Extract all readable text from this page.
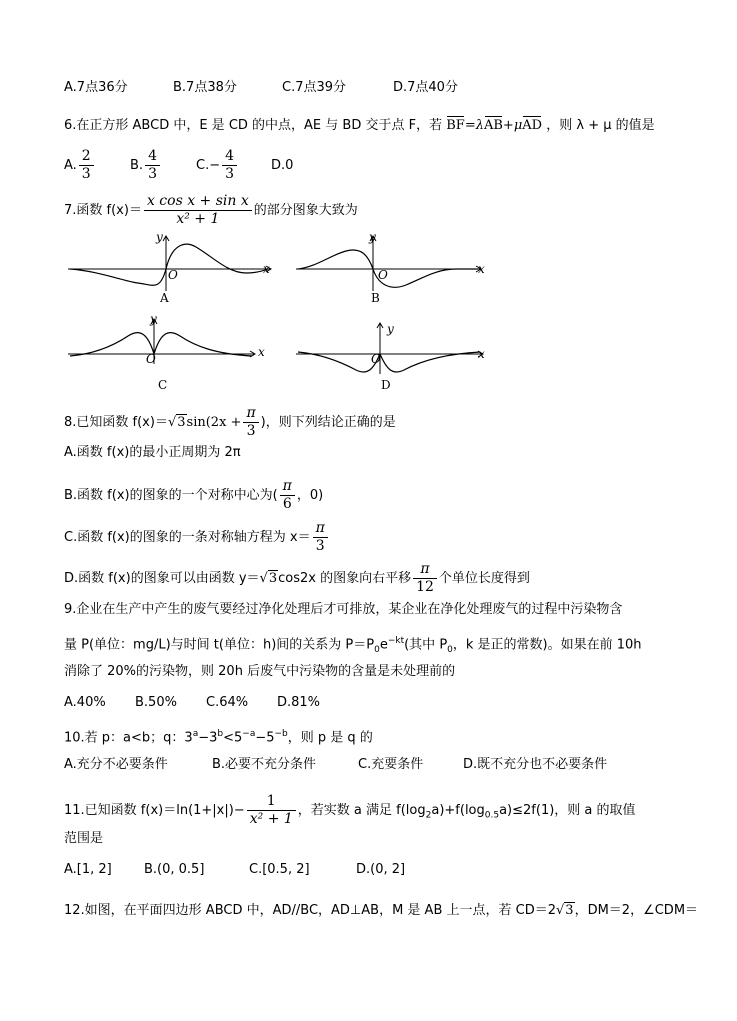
A.7点36分	B.7点38分	C.7点39分	D.7点40分
6.在正方形 ABCD 中，E 是 CD 的中点，AE 与 BD 交于点 F，若 BF=λAB+μAD ，则 λ + μ 的值是
A. $\frac{2}{3}$	B. $\frac{4}{3}$	$C.- \frac{4}{3}$	D.0
7.函数 $f(x)= \frac{\text{x cos x + sin x}}{\text{x² + 1}}$ 的部分图象大致为
y
x
O
A
y
x
O
B
y
x
O
C
y
x
O
D
8.已知函数 $f(x)=√3\sin(2x + \frac{\pi}{3}$ )，则下列结论正确的是
A.函数 f(x)的最小正周期为 2π
B.函数 f(x)的图象的一个对称中心为( $\frac{\pi}{6}$ ，0)
C.函数 f(x)的图象的一条对称轴方程为 $x= \frac{\pi}{3}$
D.函数 f(x)的图象可以由函数 y＝√3cos2x 的图象向右平移 $\frac{\pi}{12}$ 个单位长度得到
9.企业在生产中产生的废气要经过净化处理后才可排放，某企业在净化处理废气的过程中污染物含
量 P(单位：mg/L)与时间 t(单位：h)间的关系为 $P=P_0e^{-kt}$(其中 $P_0$，k 是正的常数)。如果在前 10h
消除了 20%的污染物，则 20h 后废气中污染物的含量是未处理前的
A.40% B.50% C.64% D.81%
10.若 p：a<b；q：$3^a-3^b<5^{-a}-5^{-b}$，则 p 是 q 的
A.充分不必要条件	B.必要不充分条件	C.充要条件	D.既不充分也不必要条件
11.已知函数 $f(x)=\ln(1+|x|)- \frac{1}{\text{x² + 1}}$ ，若实数 a 满足 $f(\log_2a)+f(\log_{0.5}a)\le 2f(1)$，则 a 的取值
范围是
A.[1, 2] B.(0, 0.5]	C.[0.5, 2]	D.(0, 2]
12.如图，在平面四边形 ABCD 中，AD//BC，AD⊥AB，M 是 AB 上一点，若 CD＝2√3，DM＝2，∠CDM＝
